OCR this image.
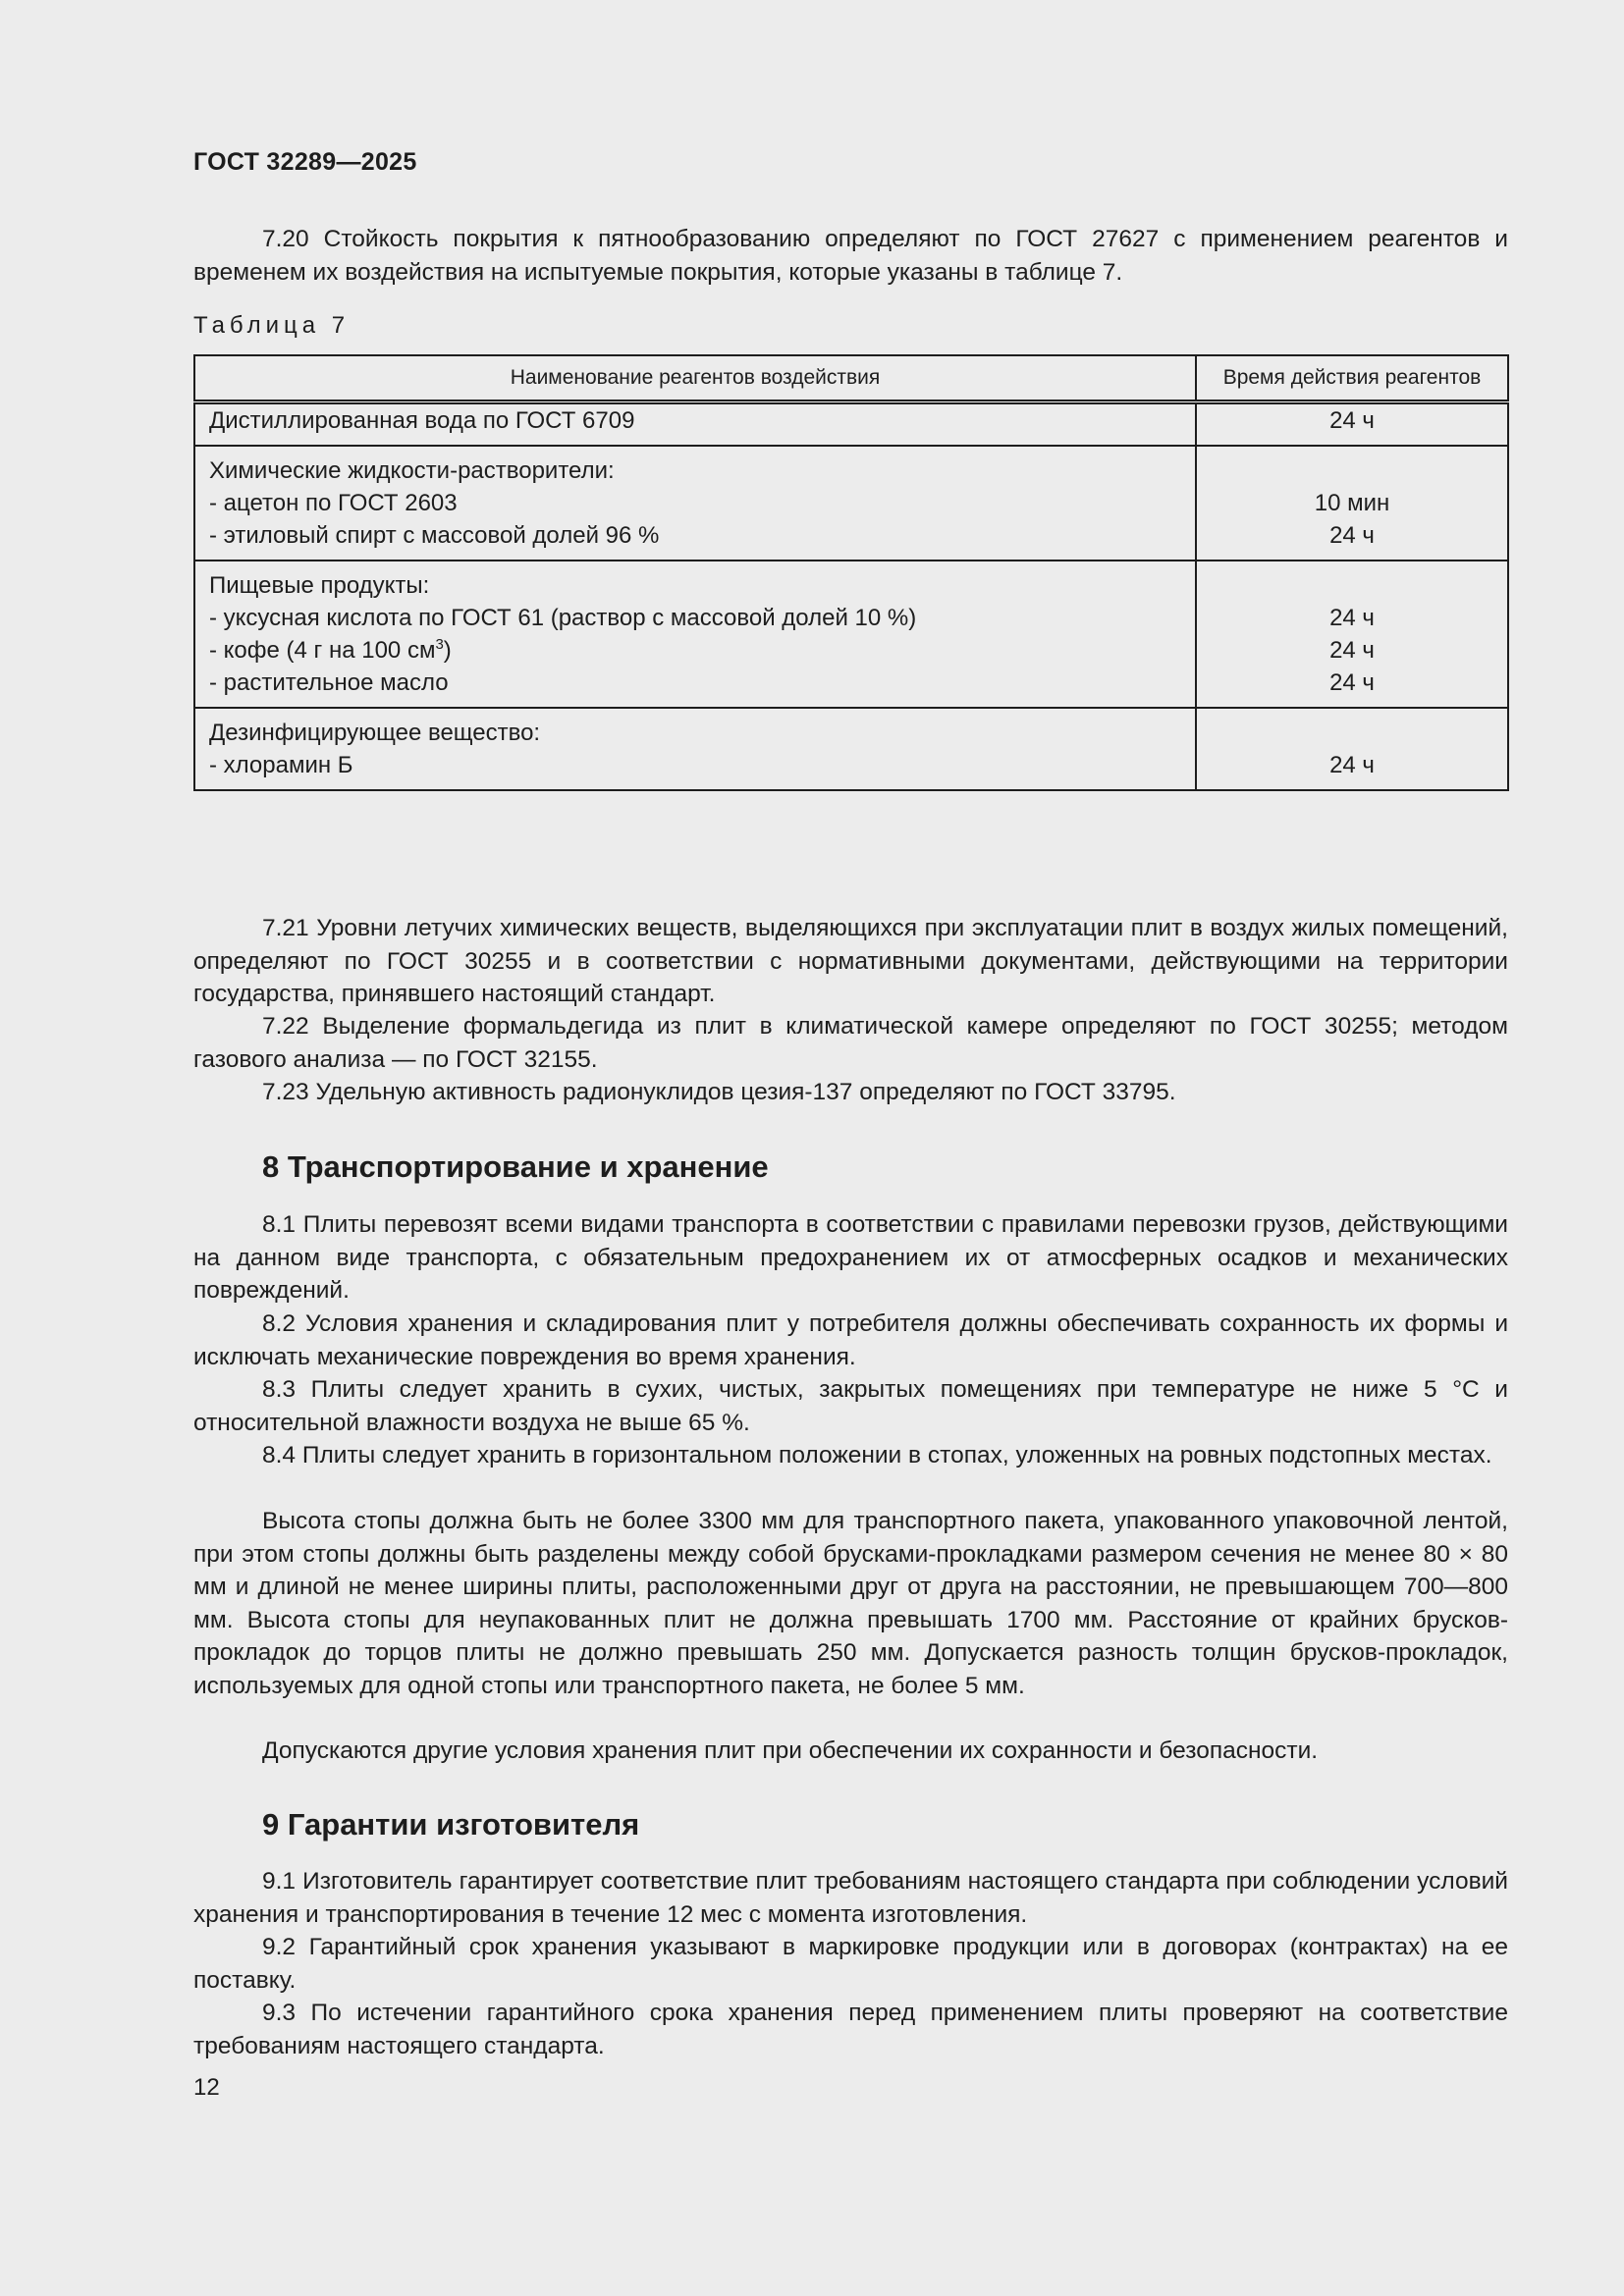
ГОСТ 32289—2025

7.20 Стойкость покрытия к пятнообразованию определяют по ГОСТ 27627 с применением реагентов и временем их воздействия на испытуемые покрытия, которые указаны в таблице 7.

Таблица 7
Наименование реагентов воздействия	Время действия реагентов
Дистиллированная вода по ГОСТ 6709	24 ч
Химические жидкости-растворители:	
- ацетон по ГОСТ 2603	10 мин
- этиловый спирт с массовой долей 96 %	24 ч
Пищевые продукты:	
- уксусная кислота по ГОСТ 61 (раствор с массовой долей 10 %)	24 ч
- кофе (4 г на 100 $см^3$)	24 ч
- растительное масло	24 ч
Дезинфицирующее вещество:	
- хлорамин Б	24 ч

7.21 Уровни летучих химических веществ, выделяющихся при эксплуатации плит в воздух жилых помещений, определяют по ГОСТ 30255 и в соответствии с нормативными документами, действующими на территории государства, принявшего настоящий стандарт.

7.22 Выделение формальдегида из плит в климатической камере определяют по ГОСТ 30255; методом газового анализа — по ГОСТ 32155.

7.23 Удельную активность радионуклидов цезия-137 определяют по ГОСТ 33795.

8 Транспортирование и хранение

8.1 Плиты перевозят всеми видами транспорта в соответствии с правилами перевозки грузов, действующими на данном виде транспорта, с обязательным предохранением их от атмосферных осадков и механических повреждений.

8.2 Условия хранения и складирования плит у потребителя должны обеспечивать сохранность их формы и исключать механические повреждения во время хранения.

8.3 Плиты следует хранить в сухих, чистых, закрытых помещениях при температуре не ниже 5 °C и относительной влажности воздуха не выше 65 %.

8.4 Плиты следует хранить в горизонтальном положении в стопах, уложенных на ровных подстопных местах.

Высота стопы должна быть не более 3300 мм для транспортного пакета, упакованного упаковочной лентой, при этом стопы должны быть разделены между собой брусками-прокладками размером сечения не менее 80 × 80 мм и длиной не менее ширины плиты, расположенными друг от друга на расстоянии, не превышающем 700—800 мм. Высота стопы для неупакованных плит не должна превышать 1700 мм. Расстояние от крайних брусков-прокладок до торцов плиты не должно превышать 250 мм. Допускается разность толщин брусков-прокладок, используемых для одной стопы или транспортного пакета, не более 5 мм.

Допускаются другие условия хранения плит при обеспечении их сохранности и безопасности.

9 Гарантии изготовителя

9.1 Изготовитель гарантирует соответствие плит требованиям настоящего стандарта при соблюдении условий хранения и транспортирования в течение 12 мес с момента изготовления.

9.2 Гарантийный срок хранения указывают в маркировке продукции или в договорах (контрактах) на ее поставку.

9.3 По истечении гарантийного срока хранения перед применением плиты проверяют на соответствие требованиям настоящего стандарта.

12
